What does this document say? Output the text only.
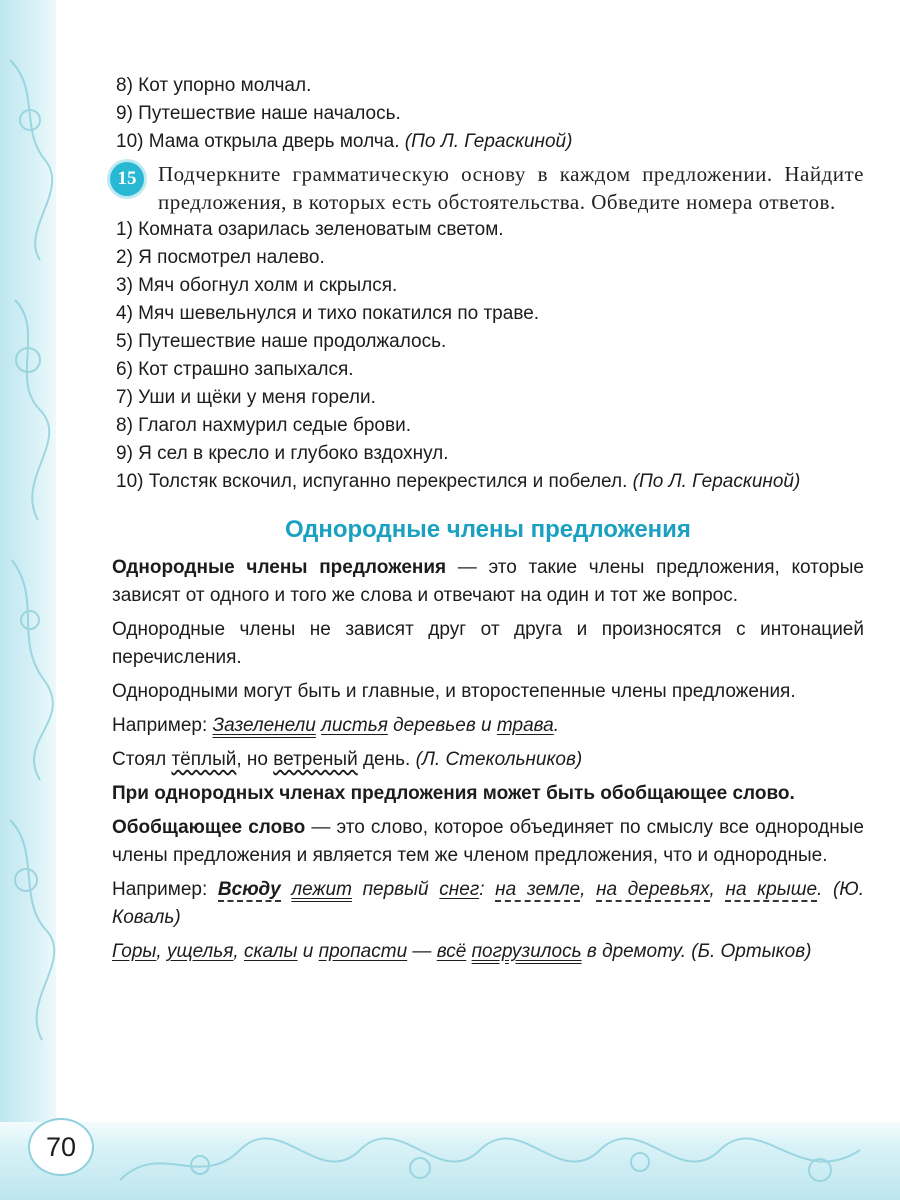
70

8) Кот упорно молчал.

9) Путешествие наше началось.

10) Мама открыла дверь молча. (По Л. Гераскиной)

15	Подчеркните грамматическую основу в каждом предложении. Найдите предложения, в которых есть обстоятельства. Обведите номера ответов.

1) Комната озарилась зеленоватым светом.

2) Я посмотрел налево.

3) Мяч обогнул холм и скрылся.

4) Мяч шевельнулся и тихо покатился по траве.

5) Путешествие наше продолжалось.

6) Кот страшно запыхался.

7) Уши и щёки у меня горели.

8) Глагол нахмурил седые брови.

9) Я сел в кресло и глубоко вздохнул.

10) Толстяк вскочил, испуганно перекрестился и побелел. (По Л. Гераскиной)

Однородные члены предложения

Однородные члены предложения — это такие члены предложения, которые зависят от одного и того же слова и отвечают на один и тот же вопрос.

Однородные члены не зависят друг от друга и произносятся с интонацией перечисления.

Однородными могут быть и главные, и второстепенные члены предложения.

Например: Зазеленели листья деревьев и трава.

Стоял тёплый, но ветреный день. (Л. Стекольников)

При однородных членах предложения может быть обобщающее слово.

Обобщающее слово — это слово, которое объединяет по смыслу все однородные члены предложения и является тем же членом предложения, что и однородные.

Например: Всюду лежит первый снег: на земле, на деревьях, на крыше. (Ю. Коваль)

Горы, ущелья, скалы и пропасти — всё погрузилось в дремоту. (Б. Ортыков)
